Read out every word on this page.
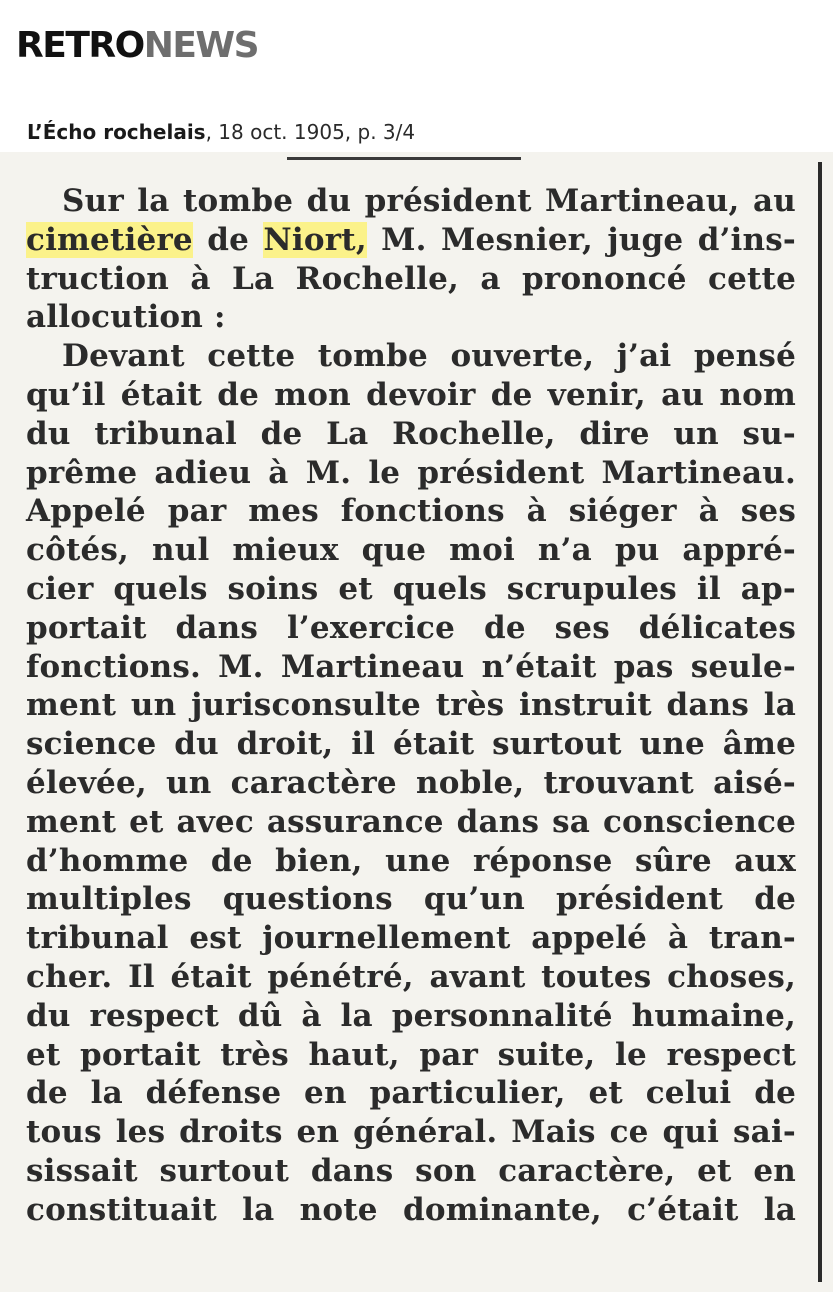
RETRONEWS
L’Écho rochelais, 18 oct. 1905, p. 3/4

Sur la tombe du président Martineau, au
cimetière de Niort, M. Mesnier, juge d’ins-
truction à La Rochelle, a prononcé cette
allocution :

Devant cette tombe ouverte, j’ai pensé
qu’il était de mon devoir de venir, au nom
du tribunal de La Rochelle, dire un su-
prême adieu à M. le président Martineau.
Appelé par mes fonctions à siéger à ses
côtés, nul mieux que moi n’a pu appré-
cier quels soins et quels scrupules il ap-
portait dans l’exercice de ses délicates
fonctions. M. Martineau n’était pas seule-
ment un jurisconsulte très instruit dans la
science du droit, il était surtout une âme
élevée, un caractère noble, trouvant aisé-
ment et avec assurance dans sa conscience
d’homme de bien, une réponse sûre aux
multiples questions qu’un président de
tribunal est journellement appelé à tran-
cher. Il était pénétré, avant toutes choses,
du respect dû à la personnalité humaine,
et portait très haut, par suite, le respect
de la défense en particulier, et celui de
tous les droits en général. Mais ce qui sai-
sissait surtout dans son caractère, et en
constituait la note dominante, c’était la
